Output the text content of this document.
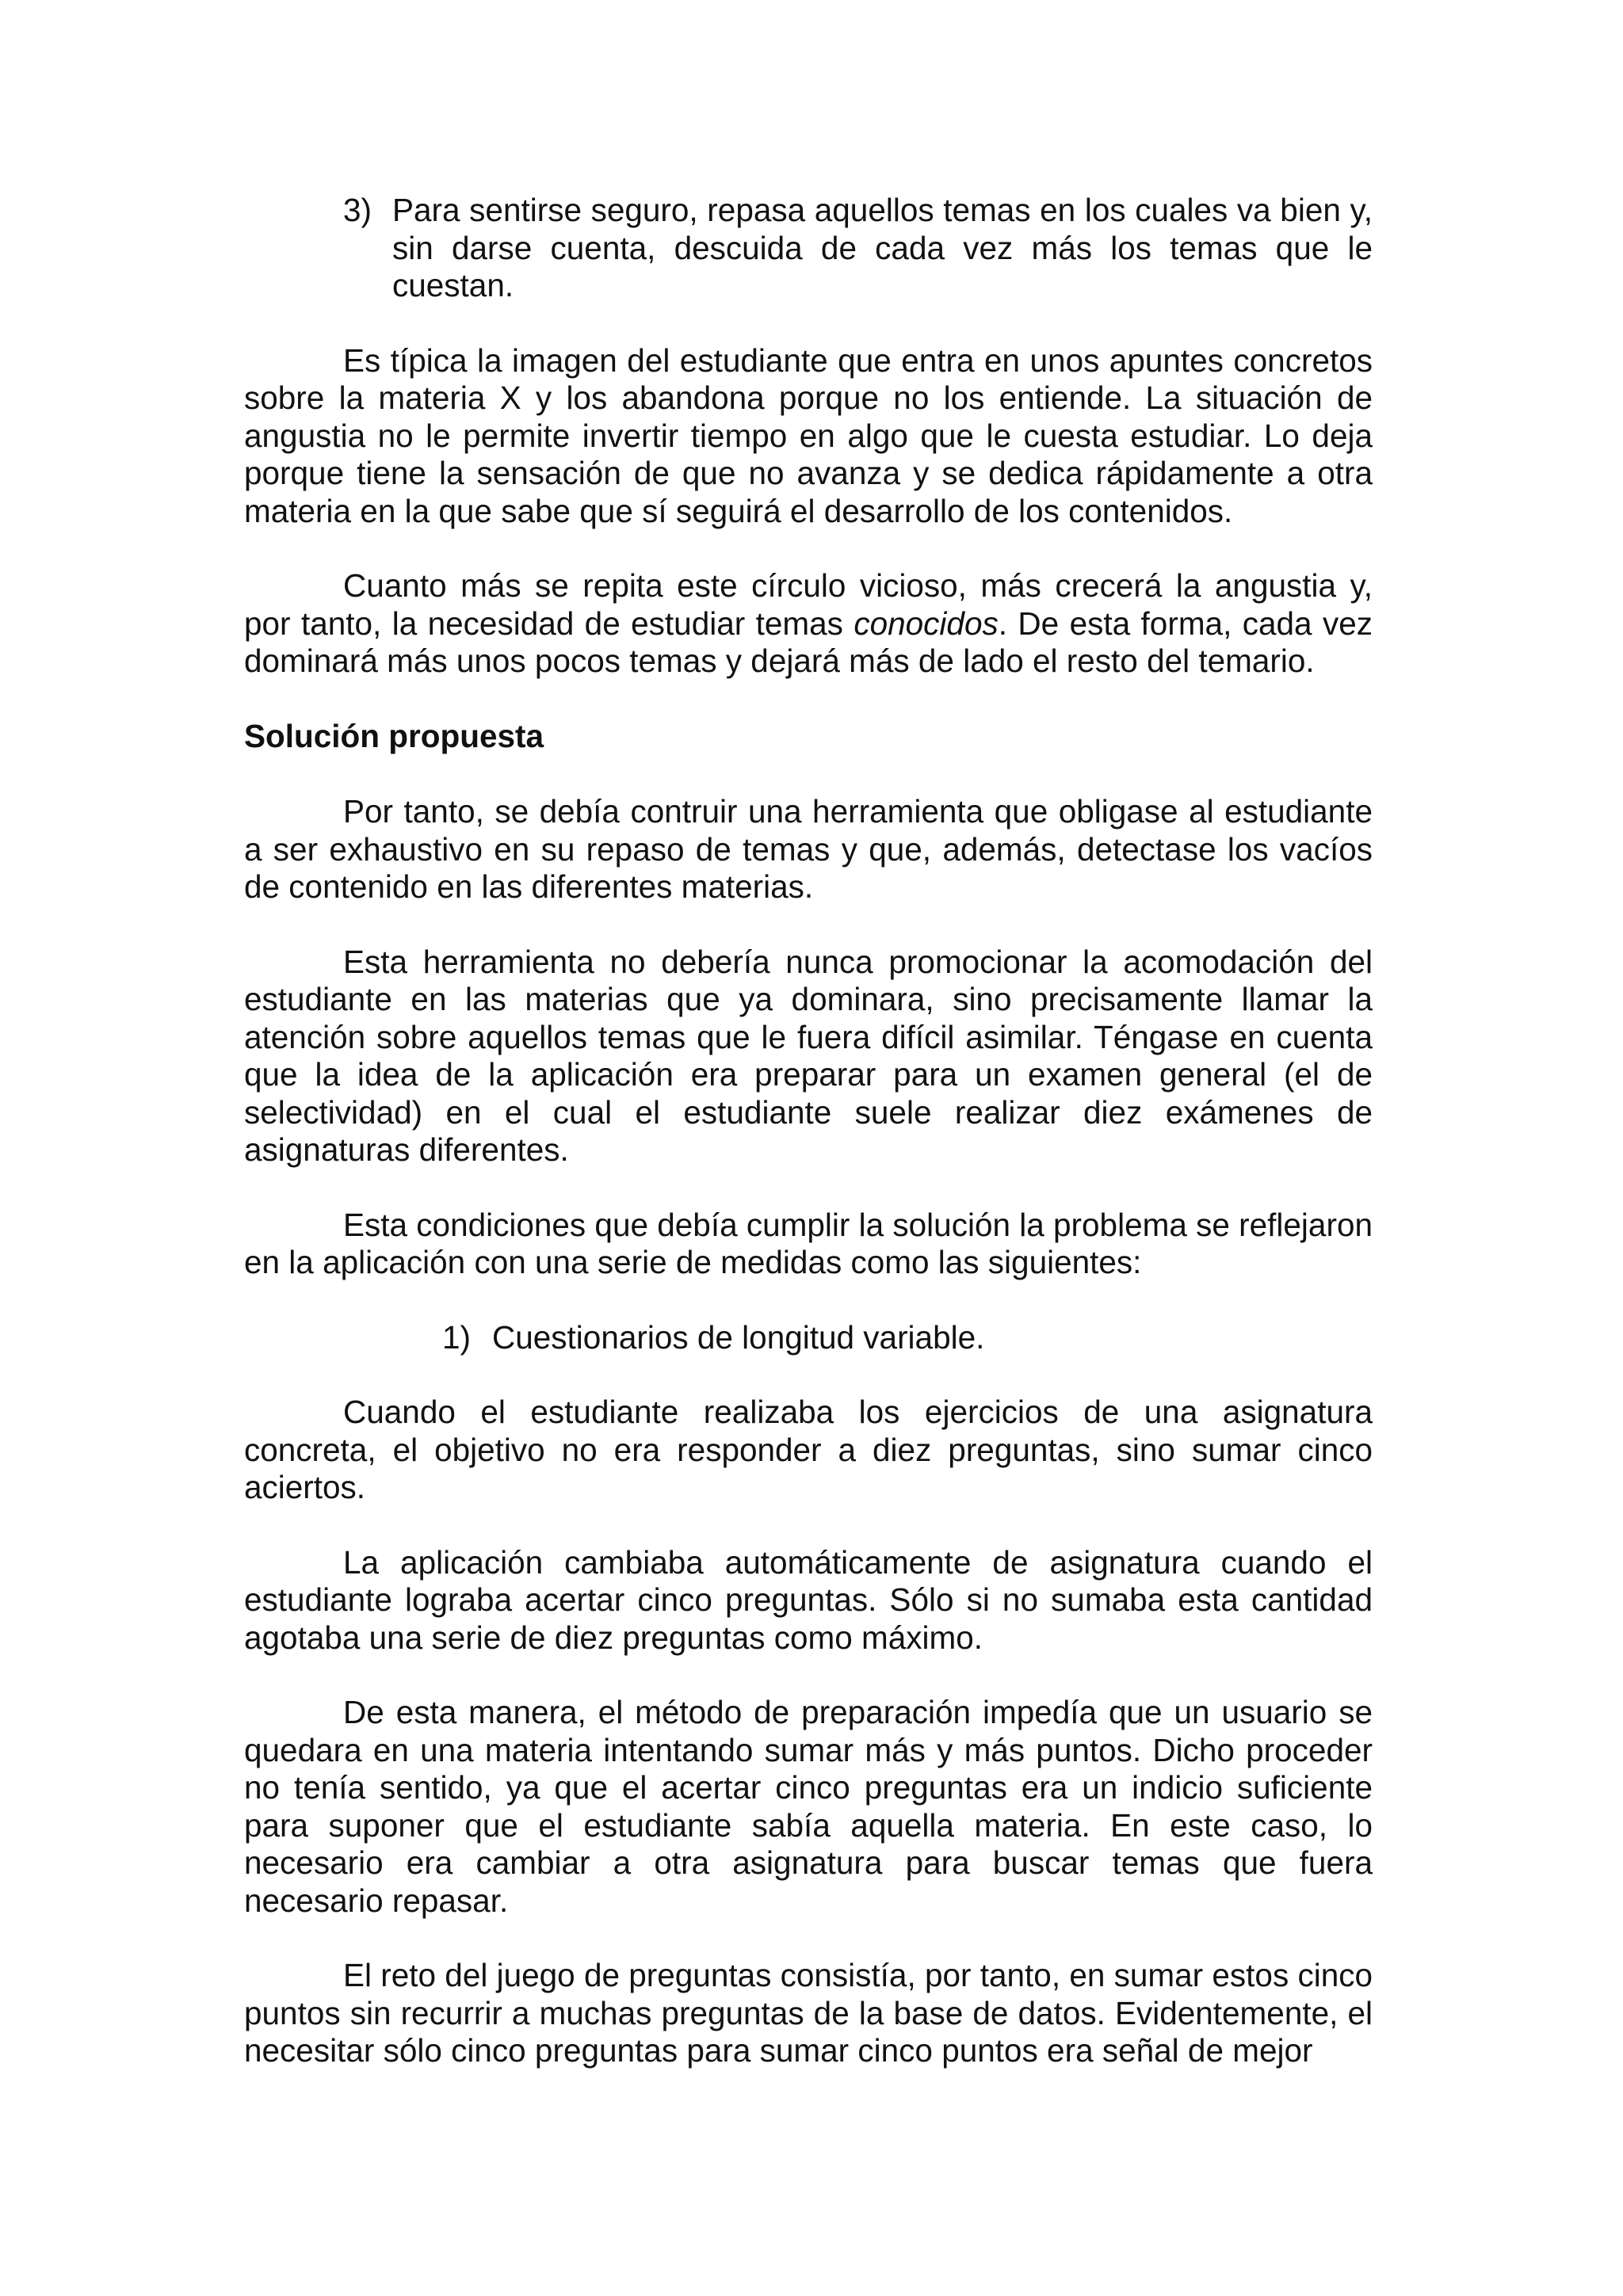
3) Para sentirse seguro, repasa aquellos temas en los cuales va bien y, sin darse cuenta, descuida de cada vez más los temas que le cuestan.

Es típica la imagen del estudiante que entra en unos apuntes concretos sobre la materia X y los abandona porque no los entiende. La situación de angustia no le permite invertir tiempo en algo que le cuesta estudiar. Lo deja porque tiene la sensación de que no avanza y se dedica rápidamente a otra materia en la que sabe que sí seguirá el desarrollo de los contenidos.

Cuanto más se repita este círculo vicioso, más crecerá la angustia y, por tanto, la necesidad de estudiar temas conocidos. De esta forma, cada vez dominará más unos pocos temas y dejará más de lado el resto del temario.

Solución propuesta

Por tanto, se debía contruir una herramienta que obligase al estudiante a ser exhaustivo en su repaso de temas y que, además, detectase los vacíos de contenido en las diferentes materias.

Esta herramienta no debería nunca promocionar la acomodación del estudiante en las materias que ya dominara, sino precisamente llamar la atención sobre aquellos temas que le fuera difícil asimilar. Téngase en cuenta que la idea de la aplicación era preparar para un examen general (el de selectividad) en el cual el estudiante suele realizar diez exámenes de asignaturas diferentes.

Esta condiciones que debía cumplir la solución la problema se reflejaron en la aplicación con una serie de medidas como las siguientes:

1) Cuestionarios de longitud variable.

Cuando el estudiante realizaba los ejercicios de una asignatura concreta, el objetivo no era responder a diez preguntas, sino sumar cinco aciertos.

La aplicación cambiaba automáticamente de asignatura cuando el estudiante lograba acertar cinco preguntas. Sólo si no sumaba esta cantidad agotaba una serie de diez preguntas como máximo.

De esta manera, el método de preparación impedía que un usuario se quedara en una materia intentando sumar más y más puntos. Dicho proceder no tenía sentido, ya que el acertar cinco preguntas era un indicio suficiente para suponer que el estudiante sabía aquella materia. En este caso, lo necesario era cambiar a otra asignatura para buscar temas que fuera necesario repasar.

El reto del juego de preguntas consistía, por tanto, en sumar estos cinco puntos sin recurrir a muchas preguntas de la base de datos. Evidentemente, el necesitar sólo cinco preguntas para sumar cinco puntos era señal de mejor
